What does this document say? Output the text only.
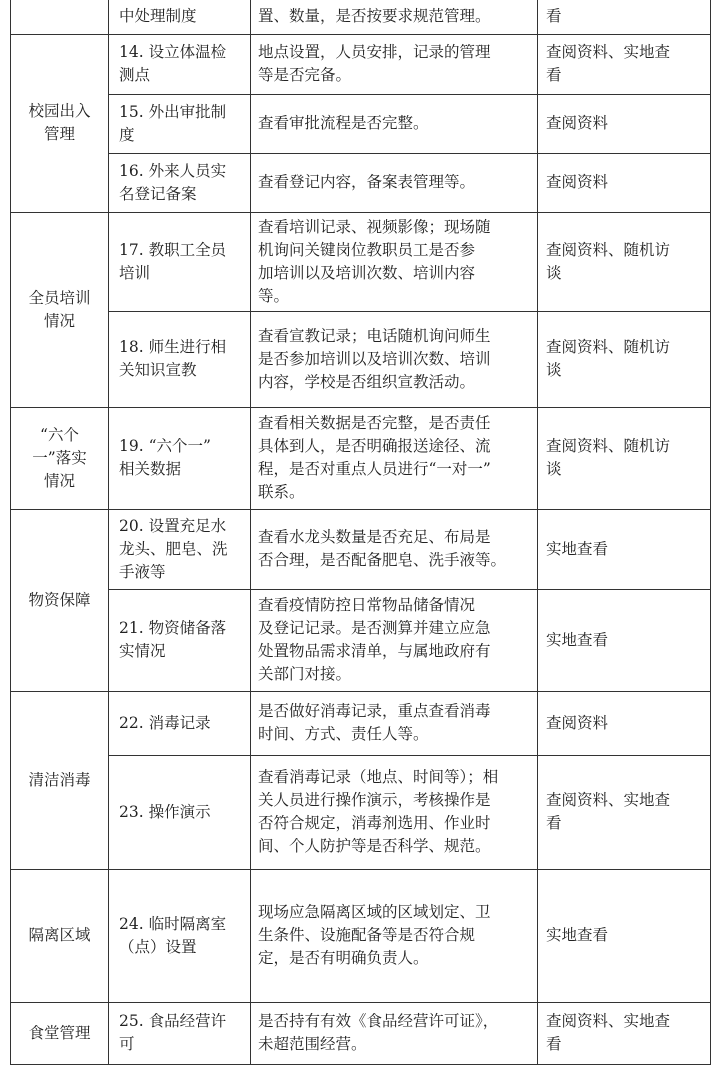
	中处理制度	置、数量，是否按要求规范管理。	看

校园出入
管理	14. 设立体温检
测点	地点设置，人员安排，记录的管理
等是否完备。	查阅资料、实地查
看

	15. 外出审批制
度	查看审批流程是否完整。	查阅资料

	16. 外来人员实
名登记备案	查看登记内容，备案表管理等。	查阅资料

全员培训
情况	17. 教职工全员
培训	查看培训记录、视频影像；现场随
机询问关键岗位教职员工是否参
加培训以及培训次数、培训内容
等。	查阅资料、随机访
谈

	18. 师生进行相
关知识宣教	查看宣教记录；电话随机询问师生
是否参加培训以及培训次数、培训
内容，学校是否组织宣教活动。	查阅资料、随机访
谈

“六个
一”落实
情况	19. “六个一”
相关数据	查看相关数据是否完整，是否责任
具体到人，是否明确报送途径、流
程，是否对重点人员进行“一对一”
联系。	查阅资料、随机访
谈

物资保障	20. 设置充足水
龙头、肥皂、洗
手液等	查看水龙头数量是否充足、布局是
否合理，是否配备肥皂、洗手液等。	实地查看

	21. 物资储备落
实情况	查看疫情防控日常物品储备情况
及登记记录。是否测算并建立应急
处置物品需求清单，与属地政府有
关部门对接。	实地查看

清洁消毒	22. 消毒记录	是否做好消毒记录，重点查看消毒
时间、方式、责任人等。	查阅资料

	23. 操作演示	查看消毒记录（地点、时间等）；相
关人员进行操作演示，考核操作是
否符合规定，消毒剂选用、作业时
间、个人防护等是否科学、规范。	查阅资料、实地查
看

隔离区域	24. 临时隔离室
（点）设置	现场应急隔离区域的区域划定、卫
生条件、设施配备等是否符合规
定，是否有明确负责人。	实地查看

食堂管理	25. 食品经营许
可	是否持有有效《食品经营许可证》，
未超范围经营。	查阅资料、实地查
看
